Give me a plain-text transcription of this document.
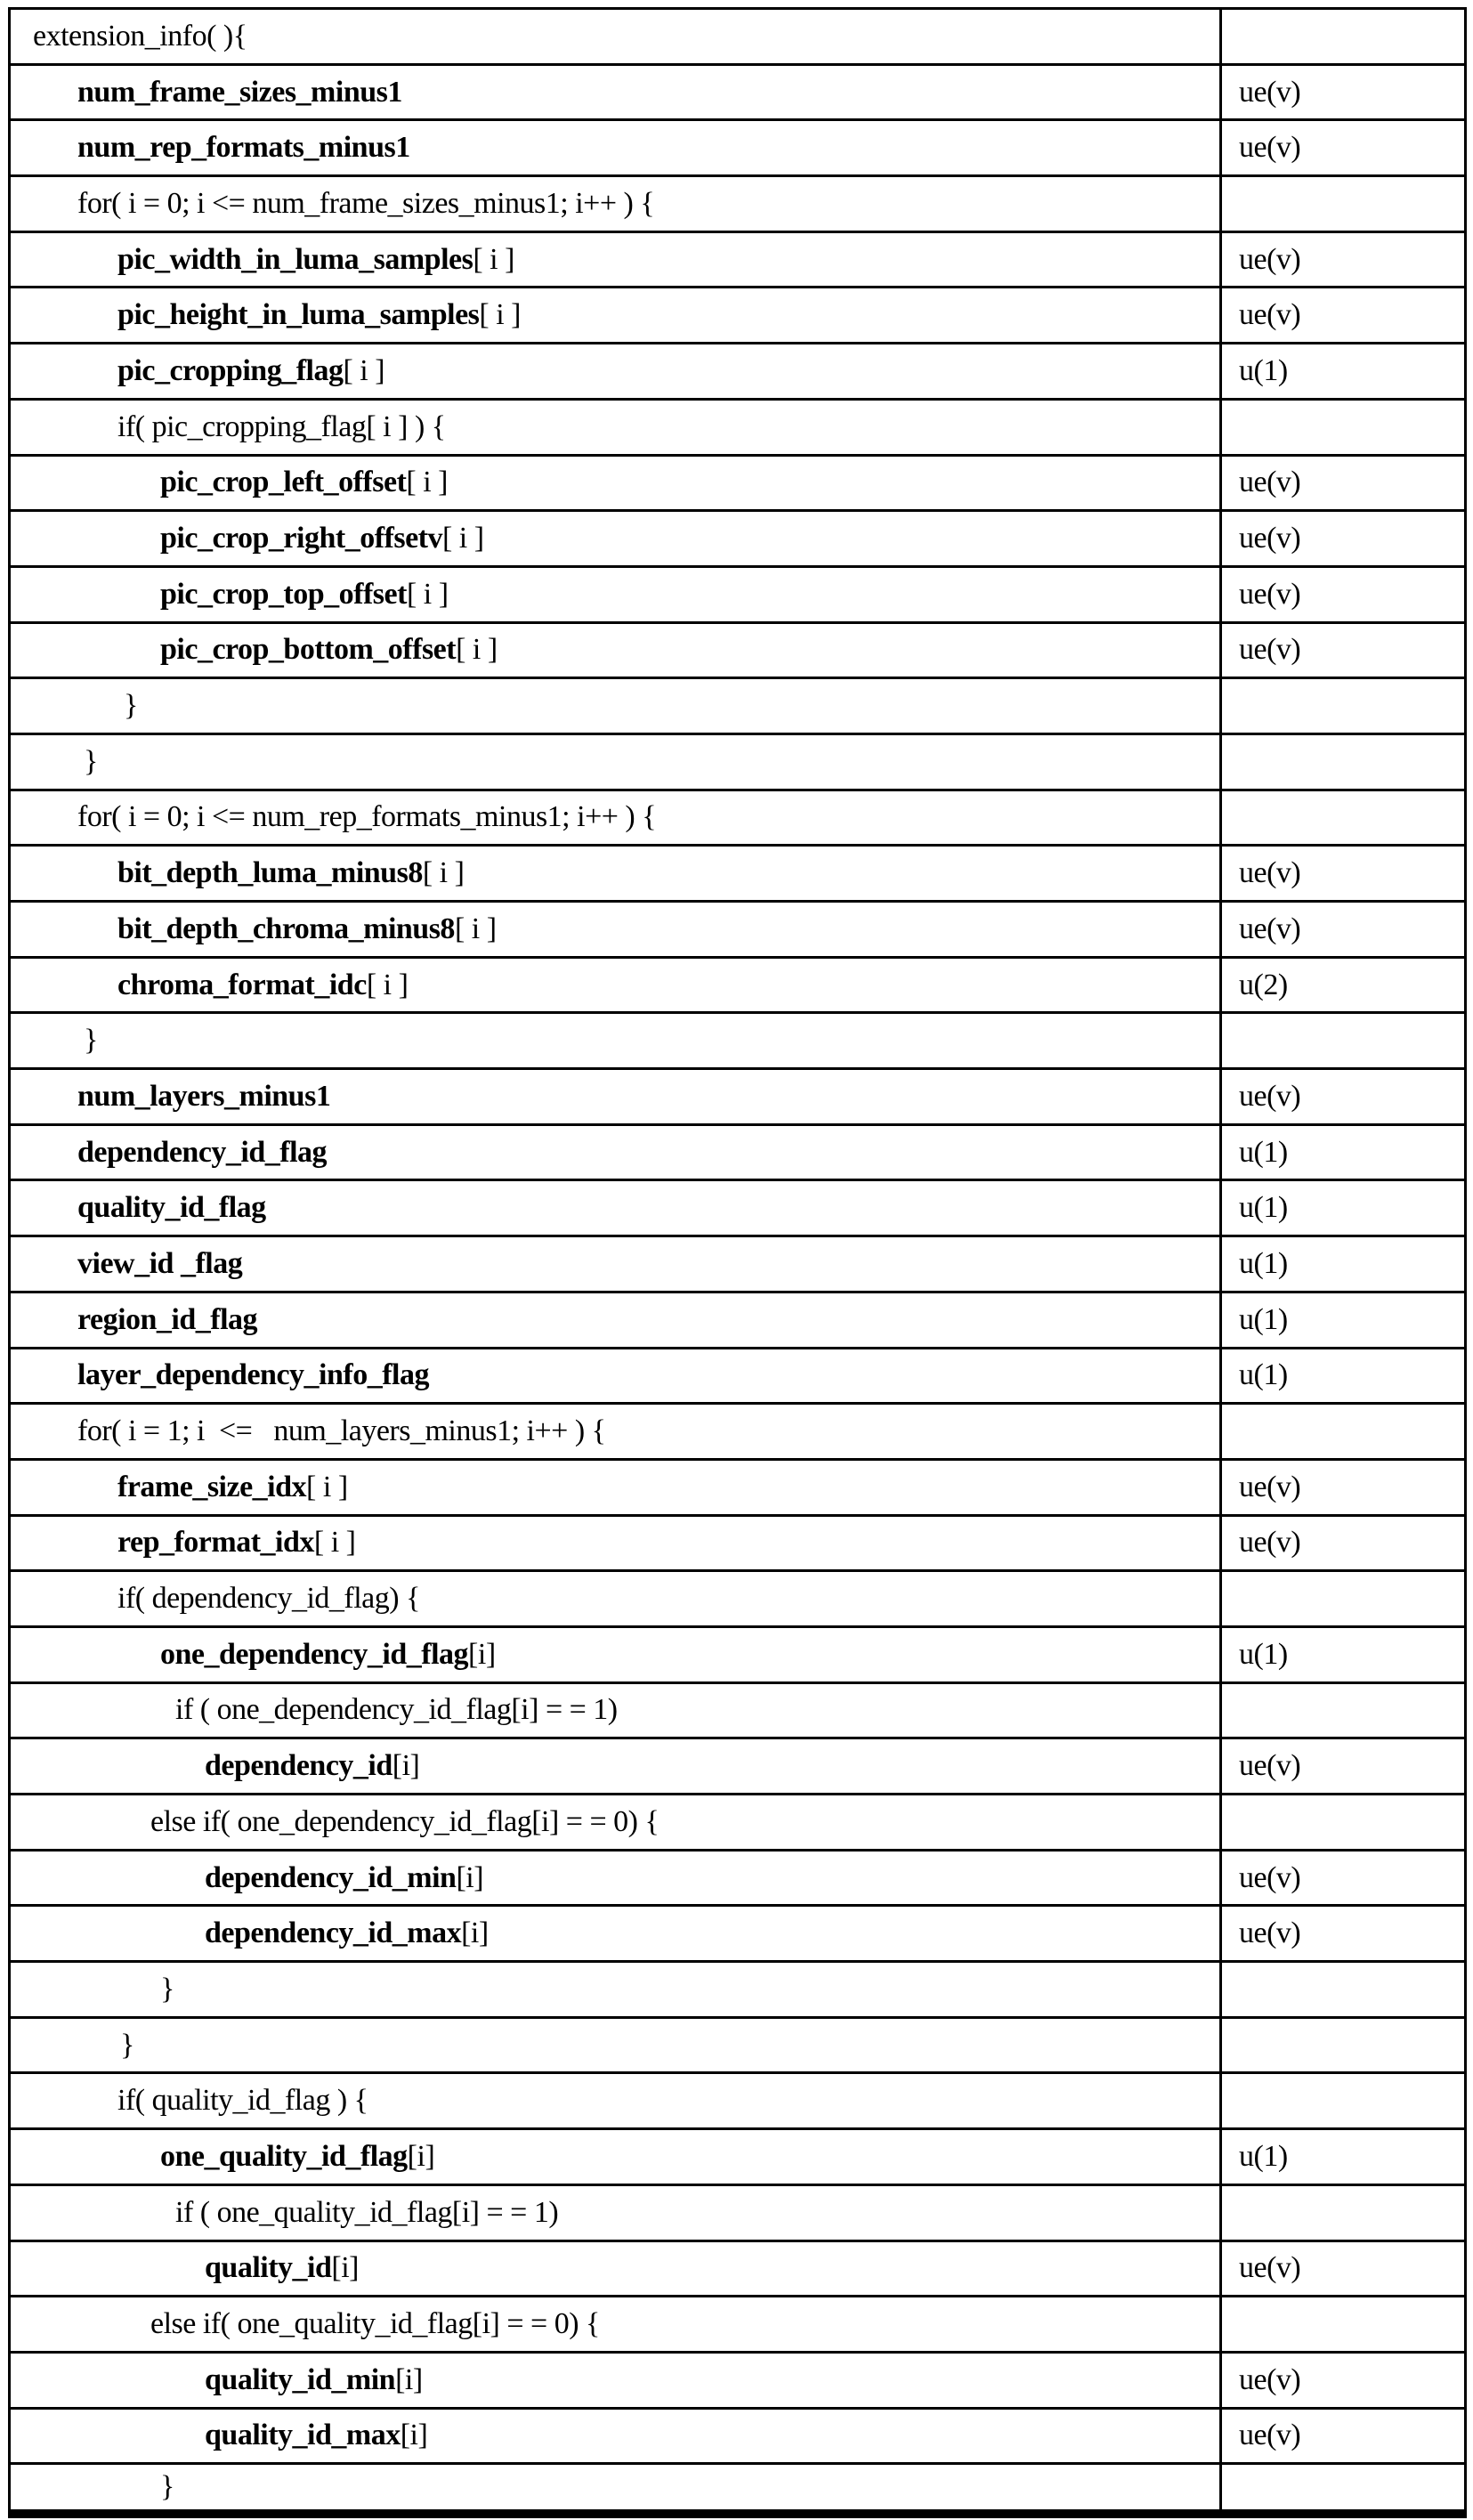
extension_info( ){
num_frame_sizes_minus1	ue(v)
num_rep_formats_minus1	ue(v)
for( i = 0; i <= num_frame_sizes_minus1; i++ ) {
pic_width_in_luma_samples [ i ]	ue(v)
pic_height_in_luma_samples [ i ]	ue(v)
pic_cropping_flag [ i ]	u(1)
if( pic_cropping_flag[ i ] ) {
pic_crop_left_offset [ i ]	ue(v)
pic_crop_right_offsetv [ i ]	ue(v)
pic_crop_top_offset [ i ]	ue(v)
pic_crop_bottom_offset [ i ]	ue(v)
}
}
for( i = 0; i <= num_rep_formats_minus1; i++ ) {
bit_depth_luma_minus8 [ i ]	ue(v)
bit_depth_chroma_minus8 [ i ]	ue(v)
chroma_format_idc [ i ]	u(2)
}
num_layers_minus1	ue(v)
dependency_id_flag	u(1)
quality_id_flag	u(1)
view_id _flag	u(1)
region_id_flag	u(1)
layer_dependency_info_flag	u(1)
for( i = 1; i  <=   num_layers_minus1; i++ ) {
frame_size_idx [ i ]	ue(v)
rep_format_idx [ i ]	ue(v)
if( dependency_id_flag) {
one_dependency_id_flag [i]	u(1)
if ( one_dependency_id_flag[i] = = 1)
dependency_id [i]	ue(v)
else if( one_dependency_id_flag[i] = = 0) {
dependency_id_min [i]	ue(v)
dependency_id_max [i]	ue(v)
}
}
if( quality_id_flag ) {
one_quality_id_flag [i]	u(1)
if ( one_quality_id_flag[i] = = 1)
quality_id [i]	ue(v)
else if( one_quality_id_flag[i] = = 0) {
quality_id_min [i]	ue(v)
quality_id_max [i]	ue(v)
}
